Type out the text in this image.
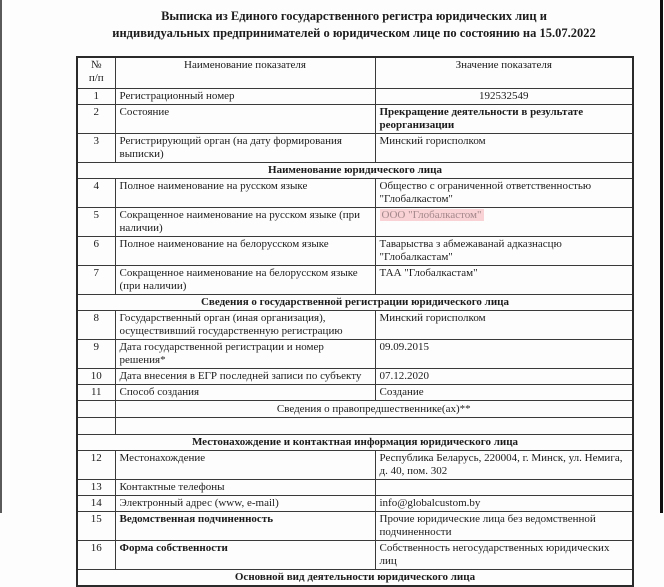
Выписка из Единого государственного регистра юридических лиц и
индивидуальных предпринимателей о юридическом лице по состоянию на 15.07.2022
№
п/п	Наименование показателя	Значение показателя
1	Регистрационный номер	192532549
2	Состояние	Прекращение деятельности в результате реорганизации
3	Регистрирующий орган (на дату формирования выписки)	Минский горисполком
Наименование юридического лица		
4	Полное наименование на русском языке	Общество с ограниченной ответственностью "Глобалкастом"
5	Сокращенное наименование на русском языке (при наличии)	ООО "Глобалкастом"
6	Полное наименование на белорусском языке	Таварыства з абмежаванай адказнасцю "Глобалкастам"
7	Сокращенное наименование на белорусском языке (при наличии)	ТАА "Глобалкастам"
Сведения о государственной регистрации юридического лица		
8	Государственный орган (иная организация), осуществивший государственную регистрацию	Минский горисполком
9	Дата государственной регистрации и номер решения*	09.09.2015
10	Дата внесения в ЕГР последней записи по субъекту	07.12.2020
11	Способ создания	Создание
	Сведения о правопредшественнике(ах)**	

Местонахождение и контактная информация юридического лица		
12	Местонахождение	Республика Беларусь, 220004, г. Минск, ул. Немига, д. 40, пом. 302
13	Контактные телефоны	
14	Электронный адрес (www, e-mail)	info@globalcustom.by
15	Ведомственная подчиненность	Прочие юридические лица без ведомственной подчиненности
16	Форма собственности	Собственность негосударственных юридических лиц
Основной вид деятельности юридического лица		
